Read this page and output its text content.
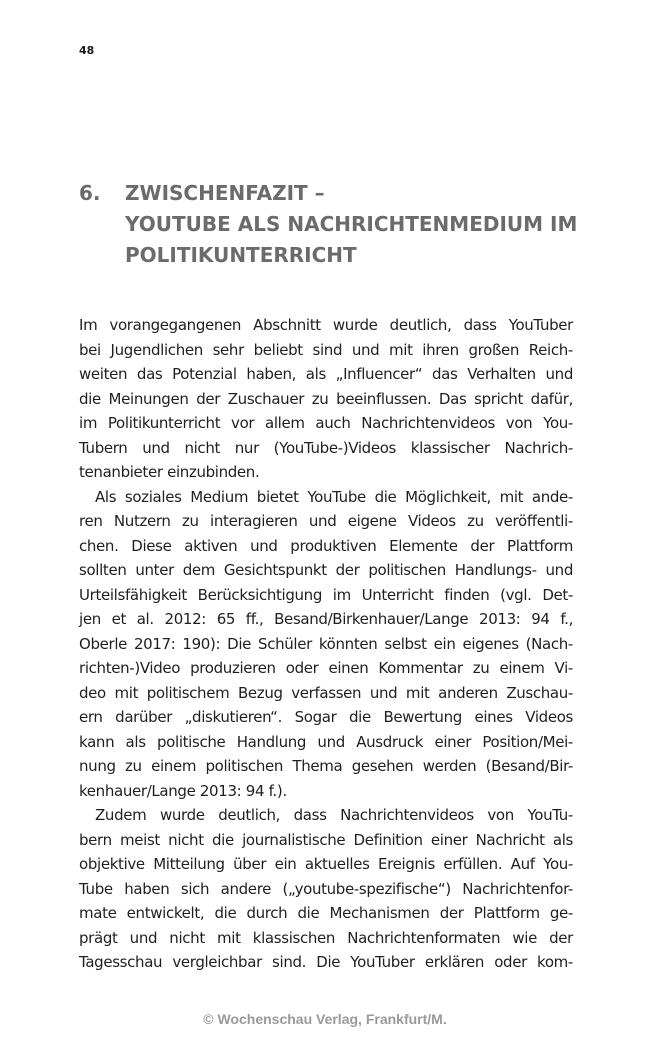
48
6.	ZWISCHENFAZIT –
YOUTUBE ALS NACHRICHTENMEDIUM IM
POLITIKUNTERRICHT
Im vorangegangenen Abschnitt wurde deutlich, dass YouTuber
bei Jugendlichen sehr beliebt sind und mit ihren großen Reich-
weiten das Potenzial haben, als „Influencer“ das Verhalten und
die Meinungen der Zuschauer zu beeinflussen. Das spricht dafür,
im Politikunterricht vor allem auch Nachrichtenvideos von You-
Tubern und nicht nur (YouTube-)Videos klassischer Nachrich-
tenanbieter einzubinden.
Als soziales Medium bietet YouTube die Möglichkeit, mit ande-
ren Nutzern zu interagieren und eigene Videos zu veröffentli-
chen. Diese aktiven und produktiven Elemente der Plattform
sollten unter dem Gesichtspunkt der politischen Handlungs- und
Urteilsfähigkeit Berücksichtigung im Unterricht finden (vgl. Det-
jen et al. 2012: 65 ff., Besand/Birkenhauer/Lange 2013: 94 f.,
Oberle 2017: 190): Die Schüler könnten selbst ein eigenes (Nach-
richten-)Video produzieren oder einen Kommentar zu einem Vi-
deo mit politischem Bezug verfassen und mit anderen Zuschau-
ern darüber „diskutieren“. Sogar die Bewertung eines Videos
kann als politische Handlung und Ausdruck einer Position/Mei-
nung zu einem politischen Thema gesehen werden (Besand/Bir-
kenhauer/Lange 2013: 94 f.).
Zudem wurde deutlich, dass Nachrichtenvideos von YouTu-
bern meist nicht die journalistische Definition einer Nachricht als
objektive Mitteilung über ein aktuelles Ereignis erfüllen. Auf You-
Tube haben sich andere („youtube-spezifische“) Nachrichtenfor-
mate entwickelt, die durch die Mechanismen der Plattform ge-
prägt und nicht mit klassischen Nachrichtenformaten wie der
Tagesschau vergleichbar sind. Die YouTuber erklären oder kom-
© Wochenschau Verlag, Frankfurt/M.
